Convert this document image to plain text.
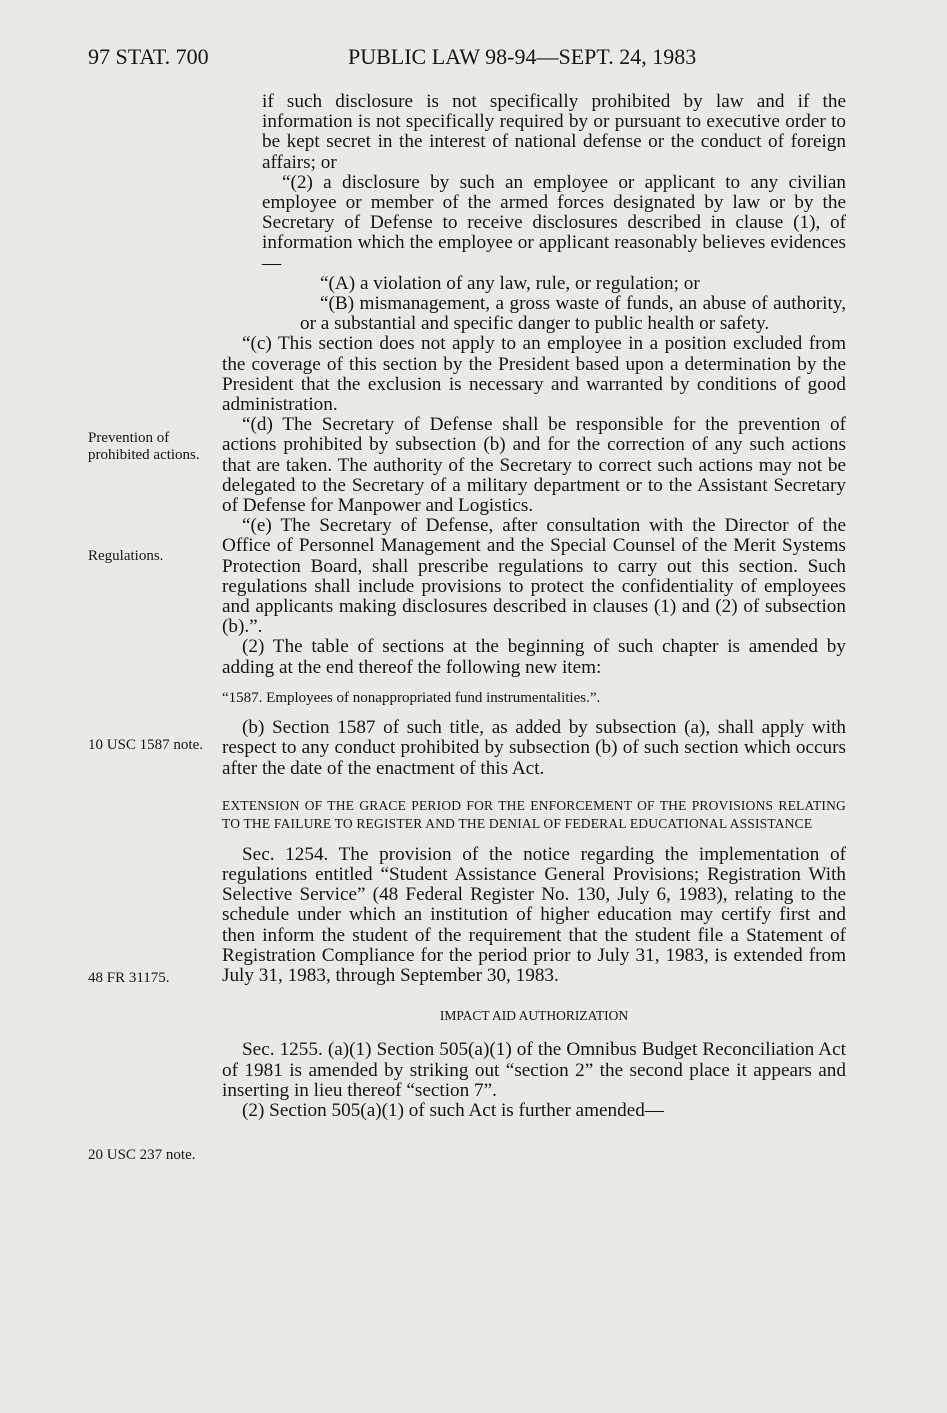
97 STAT. 700	PUBLIC LAW 98-94—SEPT. 24, 1983
Prevention of prohibited actions.
Regulations.
10 USC 1587 note.
48 FR 31175.
20 USC 237 note.

if such disclosure is not specifically prohibited by law and if the information is not specifically required by or pursuant to executive order to be kept secret in the interest of national defense or the conduct of foreign affairs; or

“(2) a disclosure by such an employee or applicant to any civilian employee or member of the armed forces designated by law or by the Secretary of Defense to receive disclosures described in clause (1), of information which the employee or applicant reasonably believes evidences—

“(A) a violation of any law, rule, or regulation; or

“(B) mismanagement, a gross waste of funds, an abuse of authority, or a substantial and specific danger to public health or safety.

“(c) This section does not apply to an employee in a position excluded from the coverage of this section by the President based upon a determination by the President that the exclusion is necessary and warranted by conditions of good administration.

“(d) The Secretary of Defense shall be responsible for the prevention of actions prohibited by subsection (b) and for the correction of any such actions that are taken. The authority of the Secretary to correct such actions may not be delegated to the Secretary of a military department or to the Assistant Secretary of Defense for Manpower and Logistics.

“(e) The Secretary of Defense, after consultation with the Director of the Office of Personnel Management and the Special Counsel of the Merit Systems Protection Board, shall prescribe regulations to carry out this section. Such regulations shall include provisions to protect the confidentiality of employees and applicants making disclosures described in clauses (1) and (2) of subsection (b).”.

(2) The table of sections at the beginning of such chapter is amended by adding at the end thereof the following new item:

“1587. Employees of nonappropriated fund instrumentalities.”.

(b) Section 1587 of such title, as added by subsection (a), shall apply with respect to any conduct prohibited by subsection (b) of such section which occurs after the date of the enactment of this Act.

EXTENSION OF THE GRACE PERIOD FOR THE ENFORCEMENT OF THE PROVISIONS RELATING TO THE FAILURE TO REGISTER AND THE DENIAL OF FEDERAL EDUCATIONAL ASSISTANCE

Sec. 1254. The provision of the notice regarding the implementation of regulations entitled “Student Assistance General Provisions; Registration With Selective Service” (48 Federal Register No. 130, July 6, 1983), relating to the schedule under which an institution of higher education may certify first and then inform the student of the requirement that the student file a Statement of Registration Compliance for the period prior to July 31, 1983, is extended from July 31, 1983, through September 30, 1983.

IMPACT AID AUTHORIZATION

Sec. 1255. (a)(1) Section 505(a)(1) of the Omnibus Budget Reconciliation Act of 1981 is amended by striking out “section 2” the second place it appears and inserting in lieu thereof “section 7”.

(2) Section 505(a)(1) of such Act is further amended—
